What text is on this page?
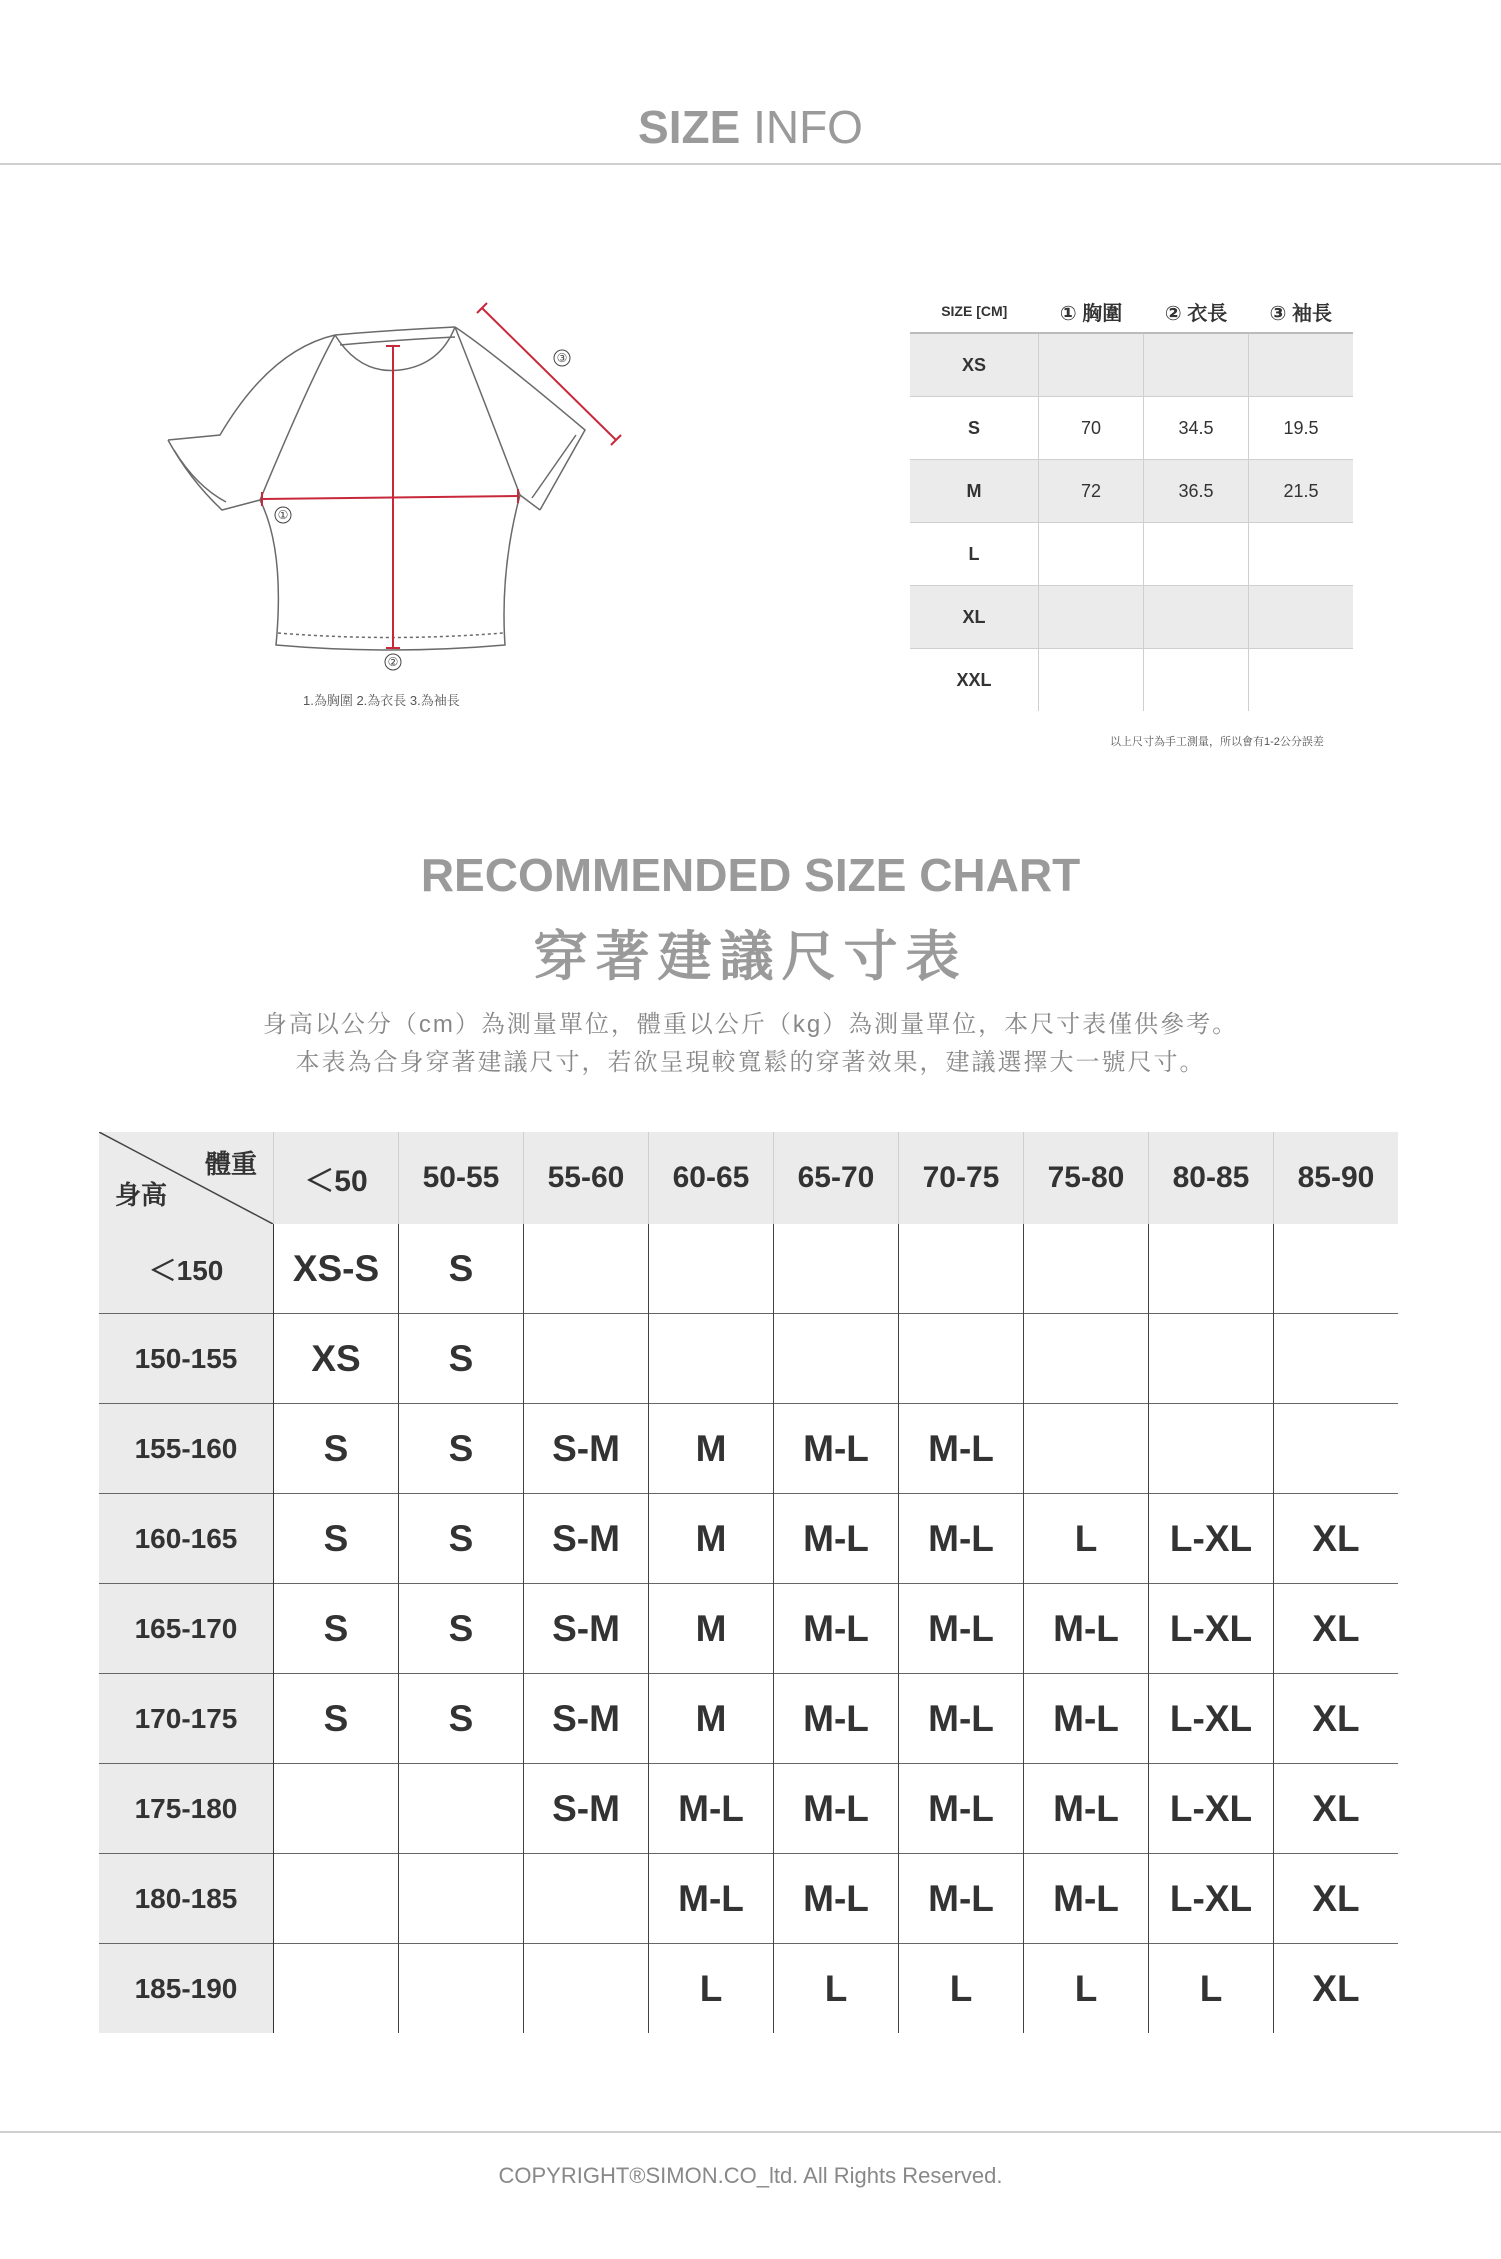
SIZE INFO
①
②
③
1.為胸圍 2.為衣長 3.為袖長
SIZE [CM]	① 胸圍	② 衣長	③ 袖長
XS			
S	70	34.5	19.5
M	72	36.5	21.5
L			
XL			
XXL			
以上尺寸為手工測量，所以會有1-2公分誤差
RECOMMENDED SIZE CHART
穿著建議尺寸表
身高以公分（cm）為測量單位，體重以公斤（kg）為測量單位，本尺寸表僅供參考。
本表為合身穿著建議尺寸，若欲呈現較寬鬆的穿著效果，建議選擇大一號尺寸。
體重
身高	＜50	50-55	55-60	60-65	65-70	70-75	75-80	80-85	85-90
＜150	XS-S	S							
150-155	XS	S							
155-160	S	S	S-M	M	M-L	M-L			
160-165	S	S	S-M	M	M-L	M-L	L	L-XL	XL
165-170	S	S	S-M	M	M-L	M-L	M-L	L-XL	XL
170-175	S	S	S-M	M	M-L	M-L	M-L	L-XL	XL
175-180			S-M	M-L	M-L	M-L	M-L	L-XL	XL
180-185				M-L	M-L	M-L	M-L	L-XL	XL
185-190				L	L	L	L	L	XL
COPYRIGHT®SIMON.CO_ltd. All Rights Reserved.
